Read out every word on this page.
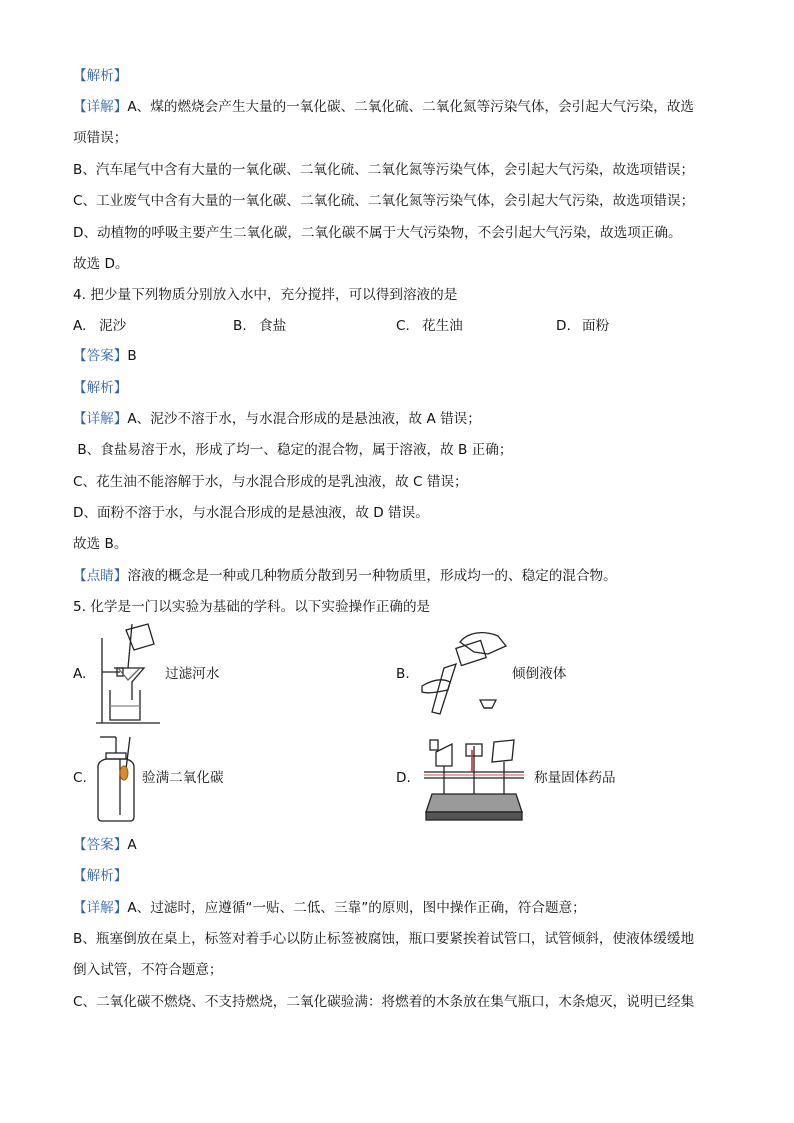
【解析】
【详解】A、煤的燃烧会产生大量的一氧化碳、二氧化硫、二氧化氮等污染气体，会引起大气污染，故选
项错误；
B、汽车尾气中含有大量的一氧化碳、二氧化硫、二氧化氮等污染气体，会引起大气污染，故选项错误；
C、工业废气中含有大量的一氧化碳、二氧化硫、二氧化氮等污染气体，会引起大气污染，故选项错误；
D、动植物的呼吸主要产生二氧化碳，二氧化碳不属于大气污染物，不会引起大气污染，故选项正确。
故选 D。
4. 把少量下列物质分别放入水中，充分搅拌，可以得到溶液的是
A. 泥沙	B. 食盐	C. 花生油	D. 面粉
【答案】B
【解析】
【详解】A、泥沙不溶于水，与水混合形成的是悬浊液，故 A 错误；
B、食盐易溶于水，形成了均一、稳定的混合物，属于溶液，故 B 正确；
C、花生油不能溶解于水，与水混合形成的是乳浊液，故 C 错误；
D、面粉不溶于水，与水混合形成的是悬浊液，故 D 错误。
故选 B。
【点睛】溶液的概念是一种或几种物质分散到另一种物质里，形成均一的、稳定的混合物。
5. 化学是一门以实验为基础的学科。以下实验操作正确的是
A.	过滤河水	B.	倾倒液体
C.	验满二氧化碳	D.	称量固体药品
【答案】A
【解析】
【详解】A、过滤时，应遵循“一贴、二低、三靠”的原则，图中操作正确，符合题意；
B、瓶塞倒放在桌上，标签对着手心以防止标签被腐蚀，瓶口要紧挨着试管口，试管倾斜，使液体缓缓地
倒入试管，不符合题意；
C、二氧化碳不燃烧、不支持燃烧，二氧化碳验满：将燃着的木条放在集气瓶口，木条熄灭，说明已经集
